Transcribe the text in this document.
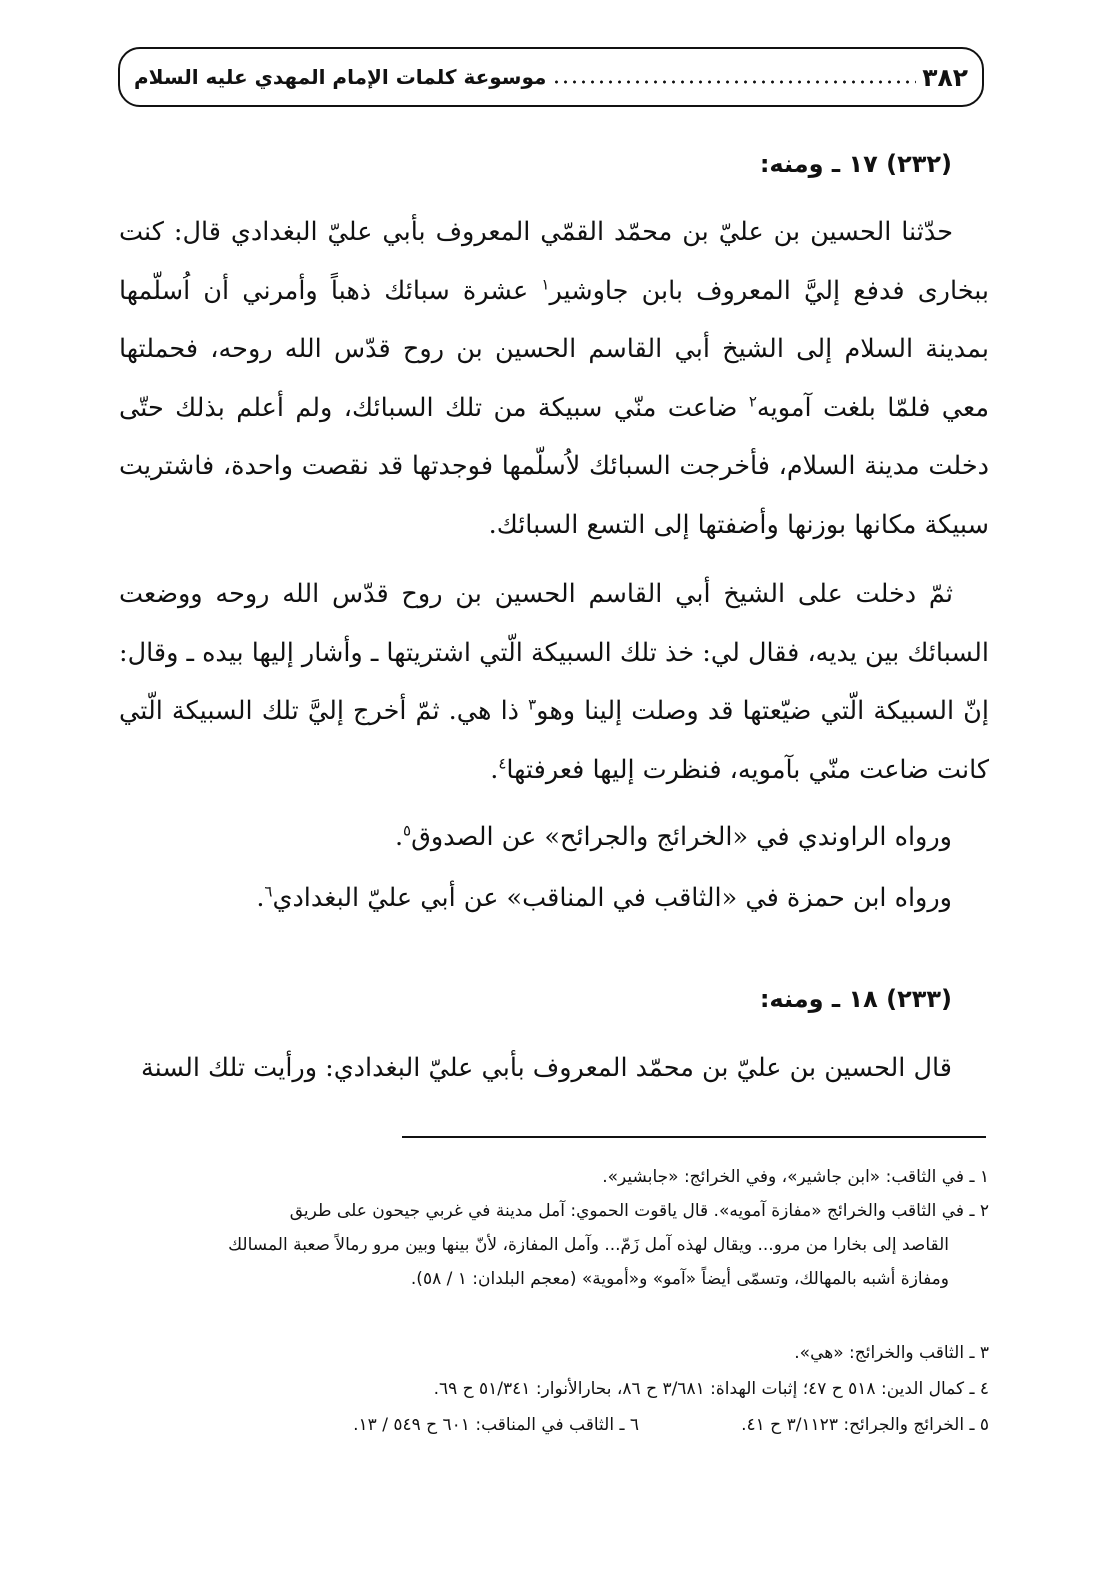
٣٨٢
موسوعة كلمات الإمام المهدي عليه السلام
(٢٣٢) ١٧ ـ ومنه:
حدّثنا الحسين بن عليّ بن محمّد القمّي المعروف بأبي عليّ البغدادي قال: كنت ببخارى فدفع إليَّ المعروف بابن جاوشير$^١$ عشرة سبائك ذهباً وأمرني أن اُسلّمها بمدينة السلام إلى الشيخ أبي القاسم الحسين بن روح قدّس الله روحه، فحملتها معي فلمّا بلغت آمويه$^٢$ ضاعت منّي سبيكة من تلك السبائك، ولم أعلم بذلك حتّى دخلت مدينة السلام، فأخرجت السبائك لاُسلّمها فوجدتها قد نقصت واحدة، فاشتريت سبيكة مكانها بوزنها وأضفتها إلى التسع السبائك.
ثمّ دخلت على الشيخ أبي القاسم الحسين بن روح قدّس الله روحه ووضعت السبائك بين يديه، فقال لي: خذ تلك السبيكة الّتي اشتريتها ـ وأشار إليها بيده ـ وقال: إنّ السبيكة الّتي ضيّعتها قد وصلت إلينا وهو$^٣$ ذا هي. ثمّ أخرج إليَّ تلك السبيكة الّتي كانت ضاعت منّي بآمويه، فنظرت إليها فعرفتها$^٤$.
ورواه الراوندي في «الخرائج والجرائح» عن الصدوق$^٥$.
ورواه ابن حمزة في «الثاقب في المناقب» عن أبي عليّ البغدادي$^٦$.
(٢٣٣) ١٨ ـ ومنه:
قال الحسين بن عليّ بن محمّد المعروف بأبي عليّ البغدادي: ورأيت تلك السنة
١ ـ في الثاقب: «ابن جاشير»، وفي الخرائج: «جابشير».
٢ ـ في الثاقب والخرائج «مفازة آمويه». قال ياقوت الحموي: آمل مدينة في غربي جيحون على طريق
القاصد إلى بخارا من مرو... ويقال لهذه آمل زَمّ... وآمل المفازة، لأنّ بينها وبين مرو رمالاً صعبة المسالك
ومفازة أشبه بالمهالك، وتسمّى أيضاً «آمو» و«أموية» (معجم البلدان: ١ / ٥٨).
٣ ـ الثاقب والخرائج: «هي».
٤ ـ كمال الدين: ٥١٨ ح ٤٧؛ إثبات الهداة: ٣/٦٨١ ح ٨٦، بحارالأنوار: ٥١/٣٤١ ح ٦٩.
٥ ـ الخرائج والجرائح: ٣/١١٢٣ ح ٤١.
٦ ـ الثاقب في المناقب: ٦٠١ ح ٥٤٩ / ١٣.
